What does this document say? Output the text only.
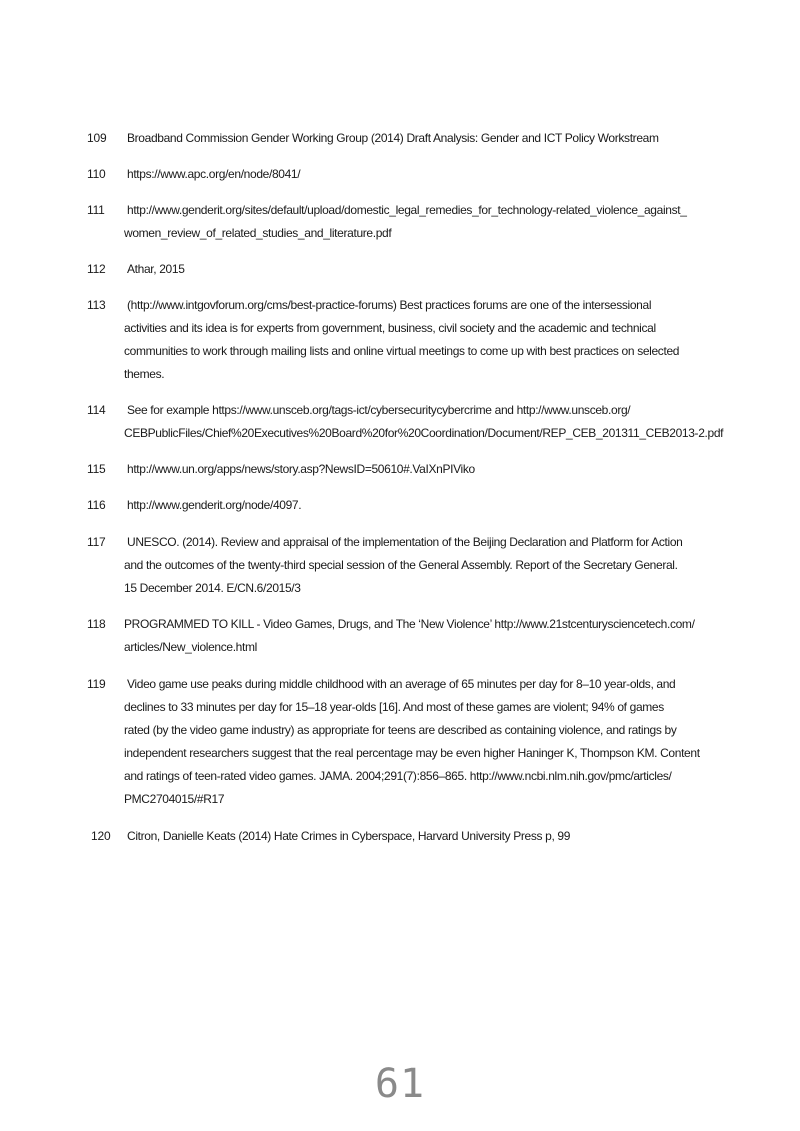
109	Broadband Commission Gender Working Group (2014) Draft Analysis: Gender and ICT Policy Workstream
110	https://www.apc.org/en/node/8041/
111	http://www.genderit.org/sites/default/upload/domestic_legal_remedies_for_technology-related_violence_against_
women_review_of_related_studies_and_literature.pdf
112	Athar, 2015
113	(http://www.intgovforum.org/cms/best-practice-forums) Best practices forums are one of the intersessional
activities and its idea is for experts from government, business, civil society and the academic and technical
communities to work through mailing lists and online virtual meetings to come up with best practices on selected
themes.
114	See for example https://www.unsceb.org/tags-ict/cybersecuritycybercrime and http://www.unsceb.org/
CEBPublicFiles/Chief%20Executives%20Board%20for%20Coordination/Document/REP_CEB_201311_CEB2013-2.pdf
115	http://www.un.org/apps/news/story.asp?NewsID=50610#.VaIXnPIViko
116	http://www.genderit.org/node/4097.
117	UNESCO. (2014). Review and appraisal of the implementation of the Beijing Declaration and Platform for Action
and the outcomes of the twenty-third special session of the General Assembly. Report of the Secretary General.
15 December 2014. E/CN.6/2015/3
118	PROGRAMMED TO KILL - Video Games, Drugs, and The ‘New Violence’ http://www.21stcenturysciencetech.com/
articles/New_violence.html
119	Video game use peaks during middle childhood with an average of 65 minutes per day for 8–10 year-olds, and
declines to 33 minutes per day for 15–18 year-olds [16]. And most of these games are violent; 94% of games
rated (by the video game industry) as appropriate for teens are described as containing violence, and ratings by
independent researchers suggest that the real percentage may be even higher Haninger K, Thompson KM. Content
and ratings of teen-rated video games. JAMA. 2004;291(7):856–865. http://www.ncbi.nlm.nih.gov/pmc/articles/
PMC2704015/#R17
120	Citron, Danielle Keats (2014) Hate Crimes in Cyberspace, Harvard University Press p, 99
61
